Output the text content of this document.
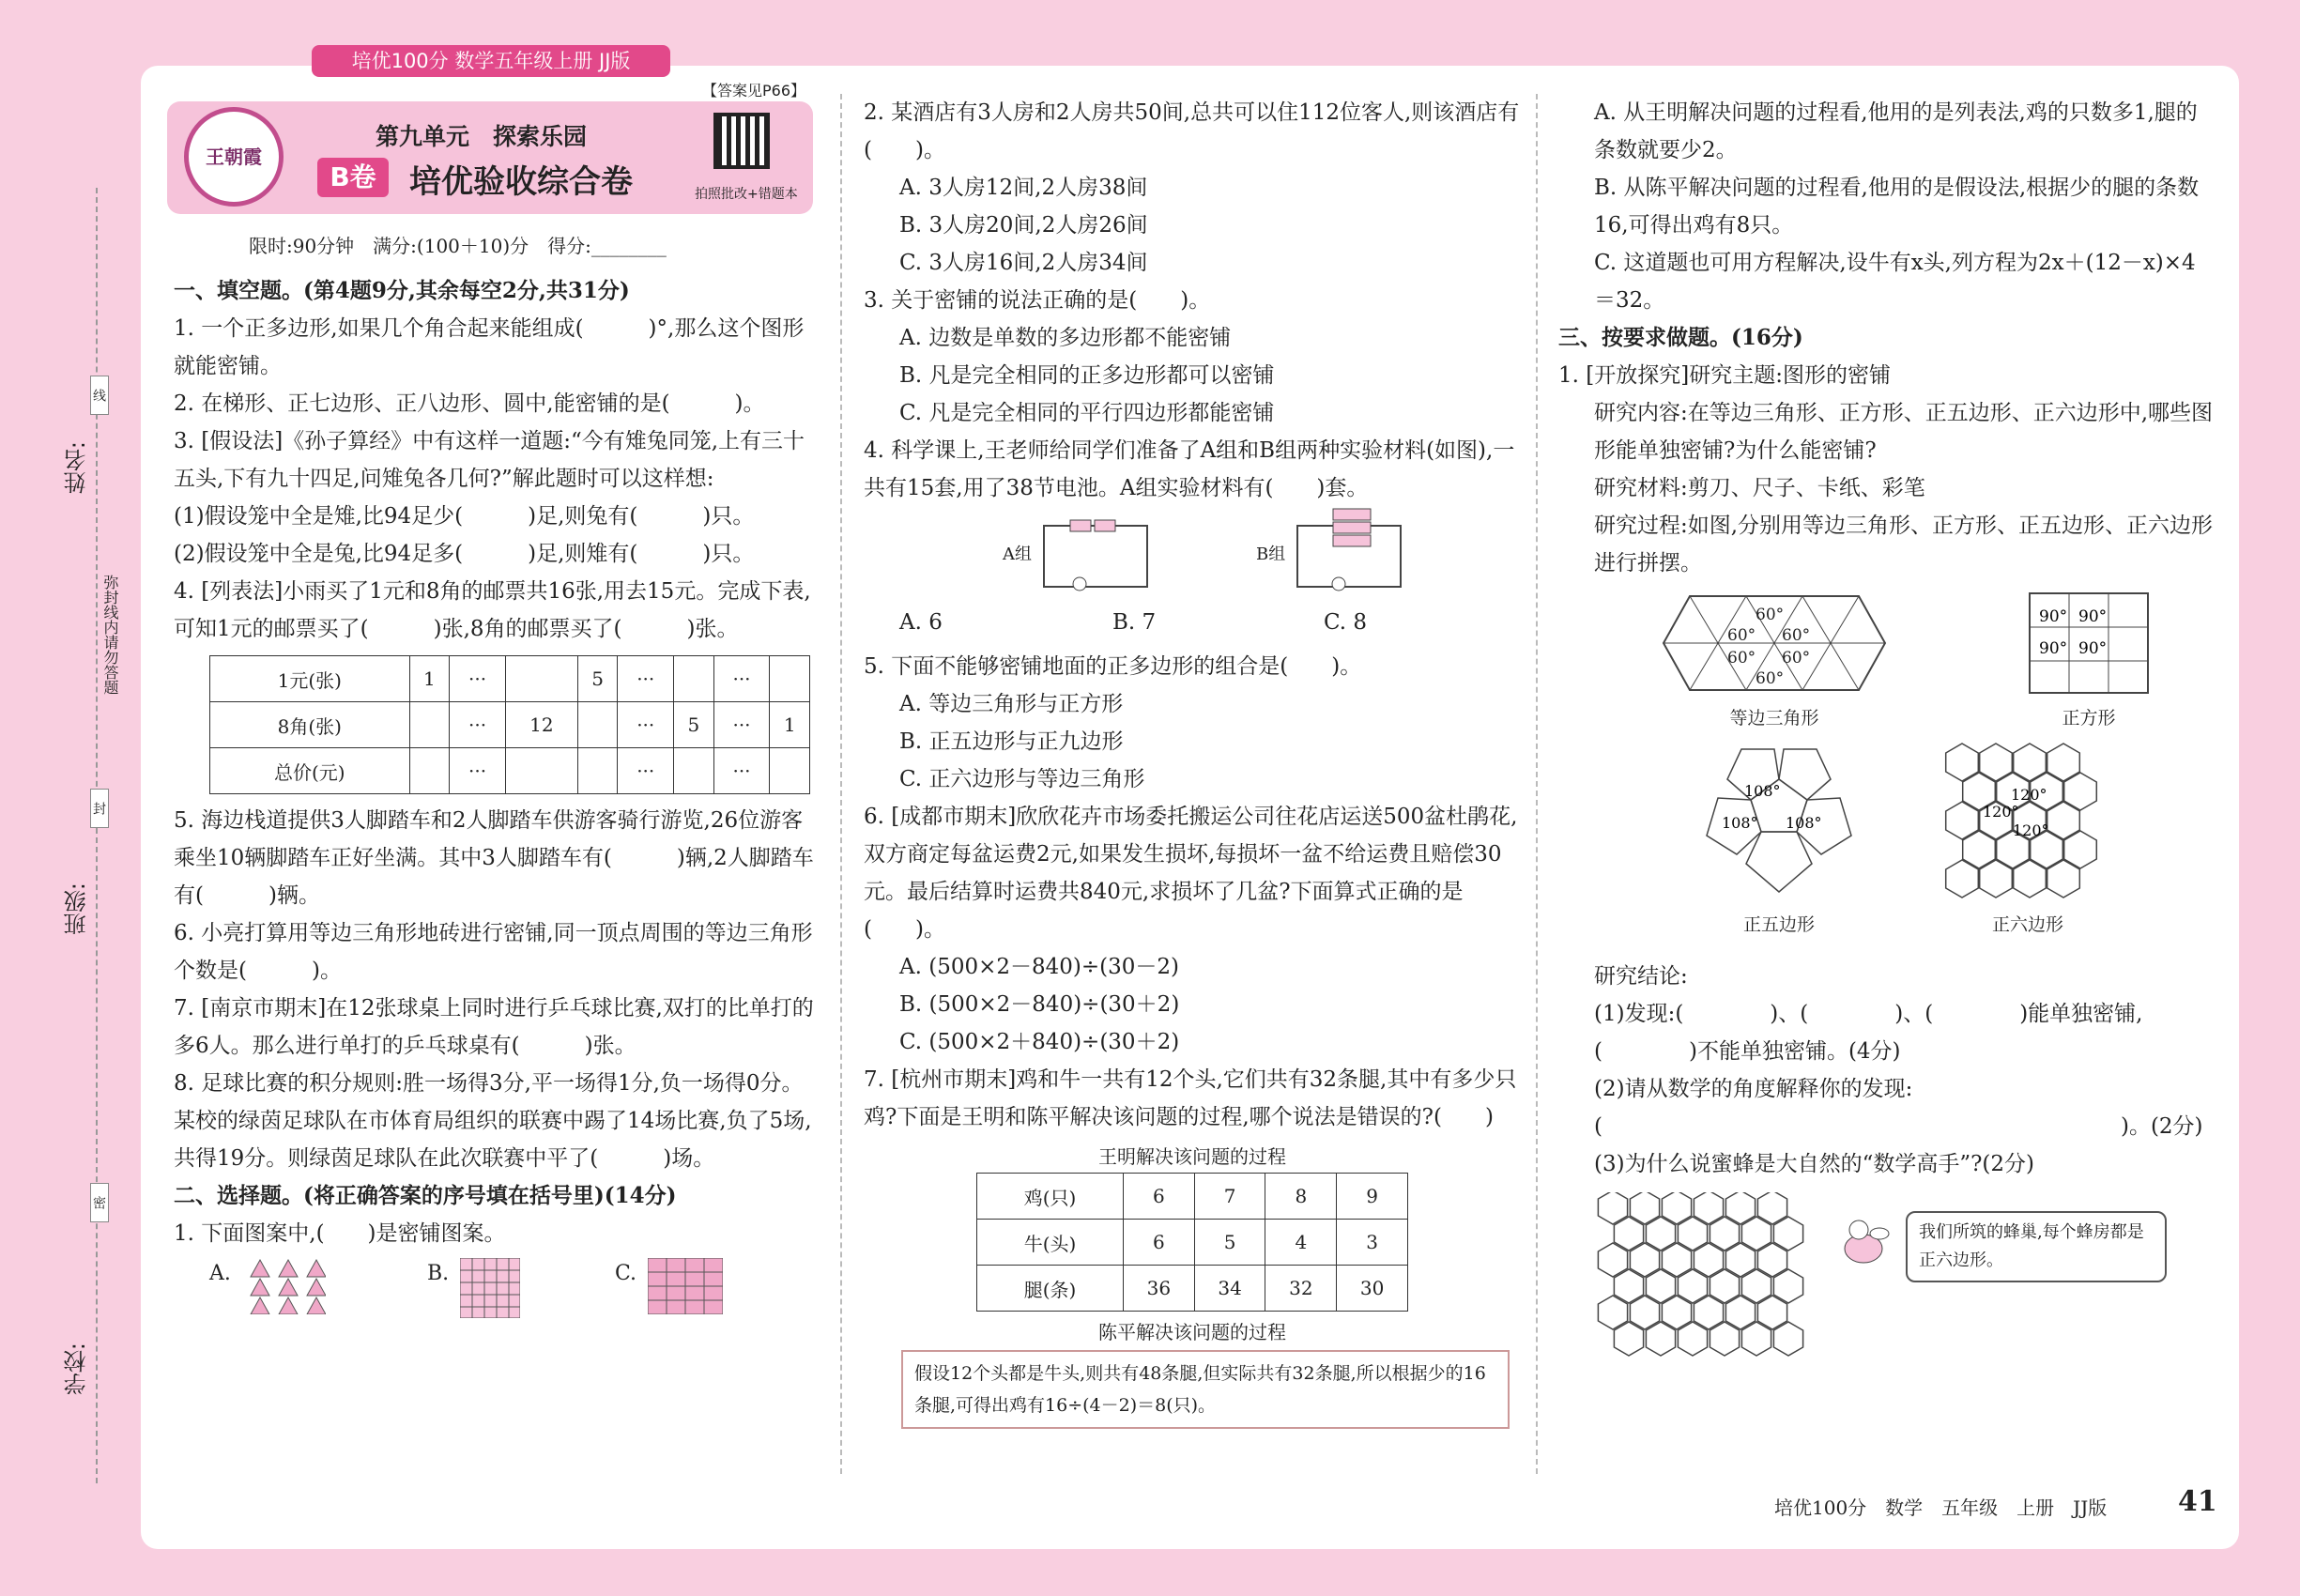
培优100分 数学五年级上册 JJ版
【答案见P66】
王朝霞
第九单元　探索乐园
B卷	培优验收综合卷	拍照批改+错题本
限时:90分钟　满分:(100＋10)分　得分:________
姓名:
班级:
学校:
线
封
密
弥封线内请勿答题
一、填空题。(第4题9分,其余每空2分,共31分)

1. 一个正多边形,如果几个角合起来能组成(　　　)°,那么这个图形就能密铺。

2. 在梯形、正七边形、正八边形、圆中,能密铺的是(　　　)。

3. [假设法]《孙子算经》中有这样一道题:“今有雉兔同笼,上有三十五头,下有九十四足,问雉兔各几何?”解此题时可以这样想:

(1)假设笼中全是雉,比94足少(　　　)足,则兔有(　　　)只。

(2)假设笼中全是兔,比94足多(　　　)足,则雉有(　　　)只。

4. [列表法]小雨买了1元和8角的邮票共16张,用去15元。完成下表,可知1元的邮票买了(　　　)张,8角的邮票买了(　　　)张。

1元(张)	1	···		5	···		···	
8角(张)		···	12		···	5	···	1
总价(元)		···			···		···	

5. 海边栈道提供3人脚踏车和2人脚踏车供游客骑行游览,26位游客乘坐10辆脚踏车正好坐满。其中3人脚踏车有(　　　)辆,2人脚踏车有(　　　)辆。

6. 小亮打算用等边三角形地砖进行密铺,同一顶点周围的等边三角形个数是(　　　)。

7. [南京市期末]在12张球桌上同时进行乒乓球比赛,双打的比单打的多6人。那么进行单打的乒乓球桌有(　　　)张。

8. 足球比赛的积分规则:胜一场得3分,平一场得1分,负一场得0分。某校的绿茵足球队在市体育局组织的联赛中踢了14场比赛,负了5场,共得19分。则绿茵足球队在此次联赛中平了(　　　)场。

二、选择题。(将正确答案的序号填在括号里)(14分)

1. 下面图案中,(　　)是密铺图案。

A.	B.	C.

2. 某酒店有3人房和2人房共50间,总共可以住112位客人,则该酒店有(　　)。

A. 3人房12间,2人房38间

B. 3人房20间,2人房26间

C. 3人房16间,2人房34间

3. 关于密铺的说法正确的是(　　)。

A. 边数是单数的多边形都不能密铺

B. 凡是完全相同的正多边形都可以密铺

C. 凡是完全相同的平行四边形都能密铺

4. 科学课上,王老师给同学们准备了A组和B组两种实验材料(如图),一共有15套,用了38节电池。A组实验材料有(　　)套。

A组	B组
A. 6	B. 7	C. 8

5. 下面不能够密铺地面的正多边形的组合是(　　)。

A. 等边三角形与正方形

B. 正五边形与正九边形

C. 正六边形与等边三角形

6. [成都市期末]欣欣花卉市场委托搬运公司往花店运送500盆杜鹃花,双方商定每盆运费2元,如果发生损坏,每损坏一盆不给运费且赔偿30元。最后结算时运费共840元,求损坏了几盆?下面算式正确的是(　　)。

A. (500×2－840)÷(30－2)

B. (500×2－840)÷(30＋2)

C. (500×2＋840)÷(30＋2)

7. [杭州市期末]鸡和牛一共有12个头,它们共有32条腿,其中有多少只鸡?下面是王明和陈平解决该问题的过程,哪个说法是错误的?(　　)

王明解决该问题的过程
鸡(只)	6	7	8	9
牛(头)	6	5	4	3
腿(条)	36	34	32	30
陈平解决该问题的过程
假设12个头都是牛头,则共有48条腿,但实际共有32条腿,所以根据少的16条腿,可得出鸡有16÷(4－2)＝8(只)。

A. 从王明解决问题的过程看,他用的是列表法,鸡的只数多1,腿的条数就要少2。

B. 从陈平解决问题的过程看,他用的是假设法,根据少的腿的条数16,可得出鸡有8只。

C. 这道题也可用方程解决,设牛有x头,列方程为2x＋(12－x)×4＝32。

三、按要求做题。(16分)

1. [开放探究]研究主题:图形的密铺

研究内容:在等边三角形、正方形、正五边形、正六边形中,哪些图形能单独密铺?为什么能密铺?

研究材料:剪刀、尺子、卡纸、彩笔

研究过程:如图,分别用等边三角形、正方形、正五边形、正六边形进行拼摆。

60°
60° 60°
60° 60°
60°
等边三角形
90° 90°
90° 90°
正方形
108°
108° 108°
正五边形
120°
120°
120°
正六边形

研究结论:

(1)发现:(　　　　)、(　　　　)、(　　　　)能单独密铺,(　　　　)不能单独密铺。(4分)

(2)请从数学的角度解释你的发现:

(　　　　　　　　　　　　　　　　　　　　　　　　)。(2分)

(3)为什么说蜜蜂是大自然的“数学高手”?(2分)

我们所筑的蜂巢,每个蜂房都是正六边形。
培优100分　数学　五年级　上册　JJ版	41
